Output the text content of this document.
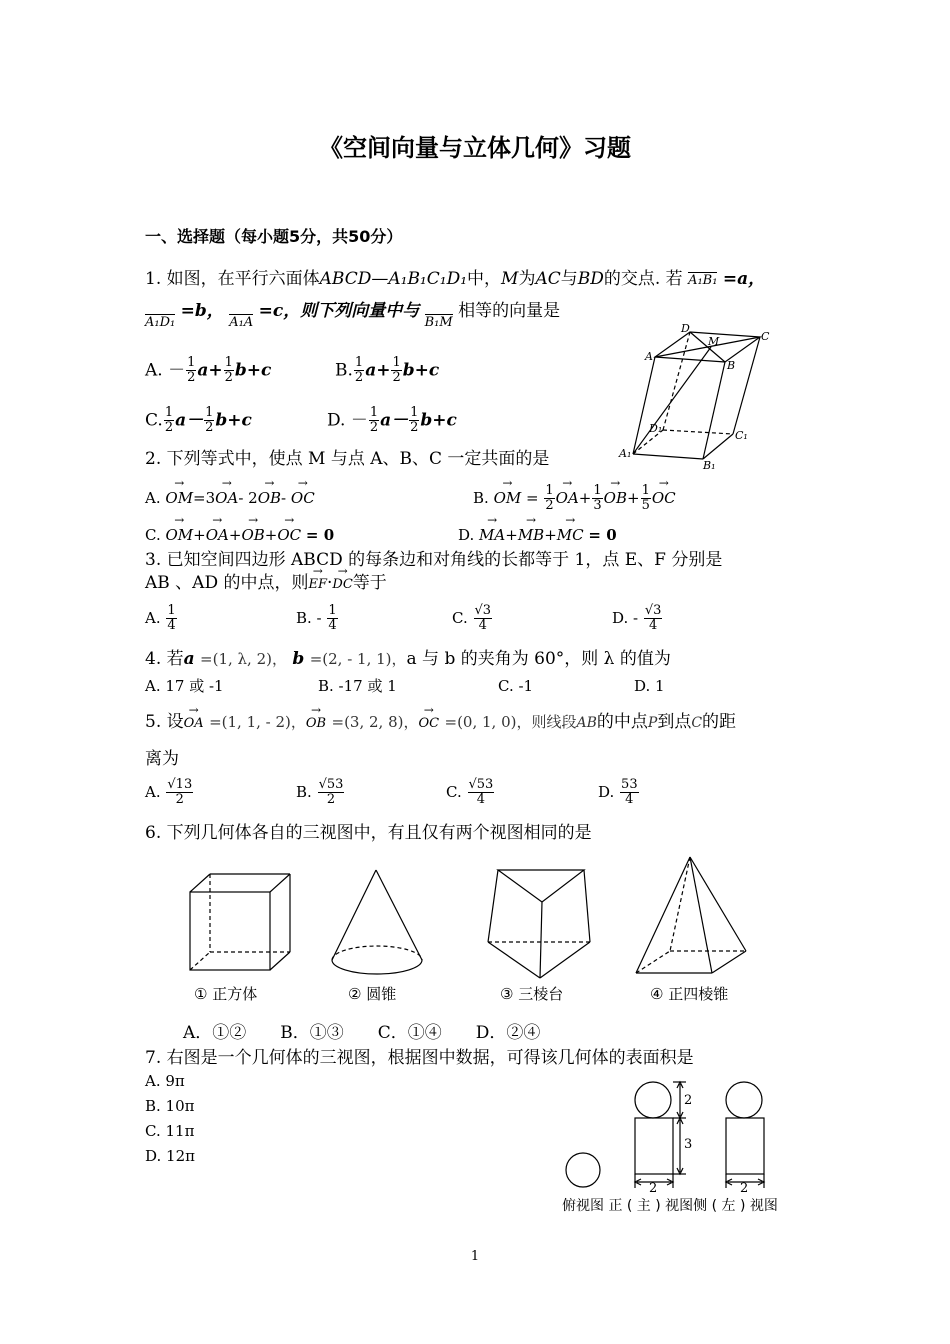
《空间向量与立体几何》习题
一、选择题（每小题5分，共50分）
1. 如图，在平行六面体ABCD—A₁B₁C₁D₁中，M为AC与BD的交点. 若 A₁B₁ =a，
A₁D₁ =b， A₁A =c，则下列向量中与 B₁M 相等的向量是
A. － $\frac{1}{2} a+ \frac{1}{2} b+c$	B. $\frac{1}{2} a+ \frac{1}{2} b+c$
C. $\frac{1}{2} a- \frac{1}{2} b+c$	D. － $\frac{1}{2} a- \frac{1}{2} b+c$
D
M	C
A
B
D₁
C₁
A₁
B₁
2. 下列等式中，使点 M 与点 A、B、C 一定共面的是
A. → OM=3→ OA- 2→ OB- → OC	B. → OM = $\frac{1}{2}$
→ $OA+ \frac{1}{3}$
→ $OB+ \frac{1}{5}$
→ OC
C. → OM+→ OA+→ OB+→ OC = 0	D. → MA+→ MB+→ MC = 0
3. 已知空间四边形 ABCD 的每条边和对角线的长都等于 1，点 E、F 分别是
AB 、AD 的中点，则→ EF·→ DC等于
A. $\frac{1}{4}$	B. - $\frac{1}{4}$	C. $\frac{√3}{4}$	D. - $\frac{√3}{4}$
4. 若a =(1, λ, 2)， b =(2, - 1, 1)，a 与 b 的夹角为 60°，则 λ 的值为
A. 17 或 -1	B. -17 或 1	C. -1	D. 1
5. 设→ OA =(1, 1, - 2)，→ OB =(3, 2, 8)，→ OC =(0, 1, 0)，则线段AB的中点P到点C的距
离为
A. $\frac{√13}{2}$	B. $\frac{√53}{2}$	C. $\frac{√53}{4}$	D. $\frac{53}{4}$
6. 下列几何体各自的三视图中，有且仅有两个视图相同的是
① 正方体	② 圆锥	③ 三棱台	④ 正四棱锥
A．①②　　B．①③　　C．①④　　D．②④
7. 右图是一个几何体的三视图，根据图中数据，可得该几何体的表面积是
A. 9π
B. 10π
C. 11π
D. 12π
2
3
2	2
俯视图 正 ( 主 ) 视图侧 ( 左 ) 视图
1
